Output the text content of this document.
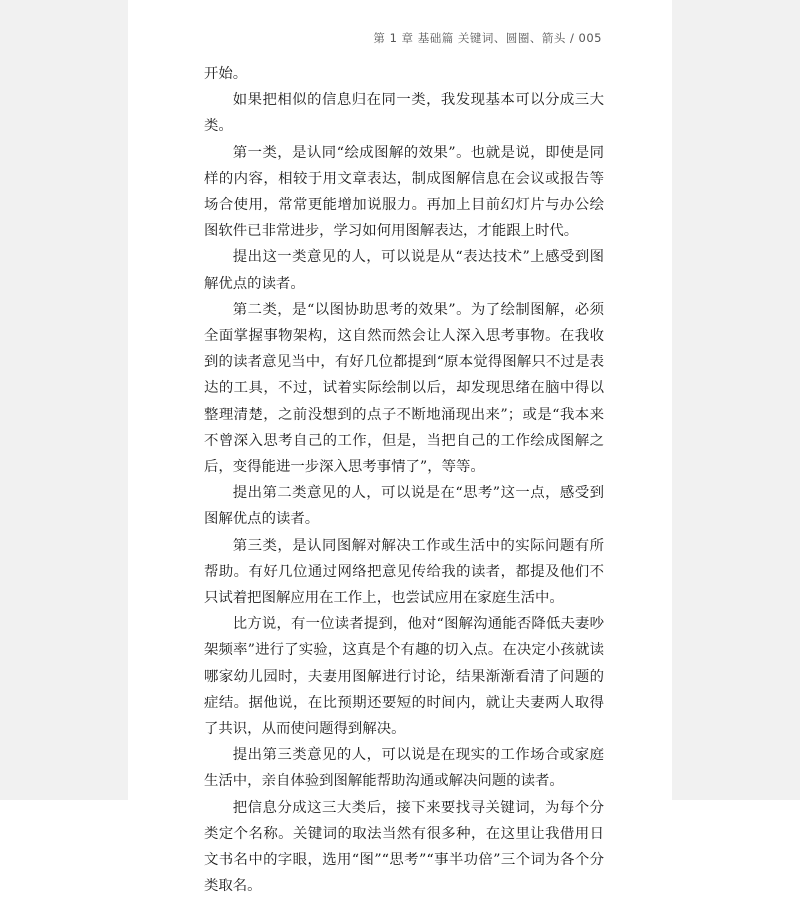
第 1 章 基础篇 关键词、圆圈、箭头 / 005

开始。

如果把相似的信息归在同一类，我发现基本可以分成三大类。

第一类，是认同“绘成图解的效果”。也就是说，即使是同样的内容，相较于用文章表达，制成图解信息在会议或报告等场合使用，常常更能增加说服力。再加上目前幻灯片与办公绘图软件已非常进步，学习如何用图解表达，才能跟上时代。

提出这一类意见的人，可以说是从“表达技术”上感受到图解优点的读者。

第二类，是“以图协助思考的效果”。为了绘制图解，必须全面掌握事物架构，这自然而然会让人深入思考事物。在我收到的读者意见当中，有好几位都提到“原本觉得图解只不过是表达的工具，不过，试着实际绘制以后，却发现思绪在脑中得以整理清楚，之前没想到的点子不断地涌现出来”；或是“我本来不曾深入思考自己的工作，但是，当把自己的工作绘成图解之后，变得能进一步深入思考事情了”，等等。

提出第二类意见的人，可以说是在“思考”这一点，感受到图解优点的读者。

第三类，是认同图解对解决工作或生活中的实际问题有所帮助。有好几位通过网络把意见传给我的读者，都提及他们不只试着把图解应用在工作上，也尝试应用在家庭生活中。

比方说，有一位读者提到，他对“图解沟通能否降低夫妻吵架频率”进行了实验，这真是个有趣的切入点。在决定小孩就读哪家幼儿园时，夫妻用图解进行讨论，结果渐渐看清了问题的症结。据他说，在比预期还要短的时间内，就让夫妻两人取得了共识，从而使问题得到解决。

提出第三类意见的人，可以说是在现实的工作场合或家庭生活中，亲自体验到图解能帮助沟通或解决问题的读者。

把信息分成这三大类后，接下来要找寻关键词，为每个分类定个名称。关键词的取法当然有很多种，在这里让我借用日文书名中的字眼，选用“图”“思考”“事半功倍”三个词为各个分类取名。
